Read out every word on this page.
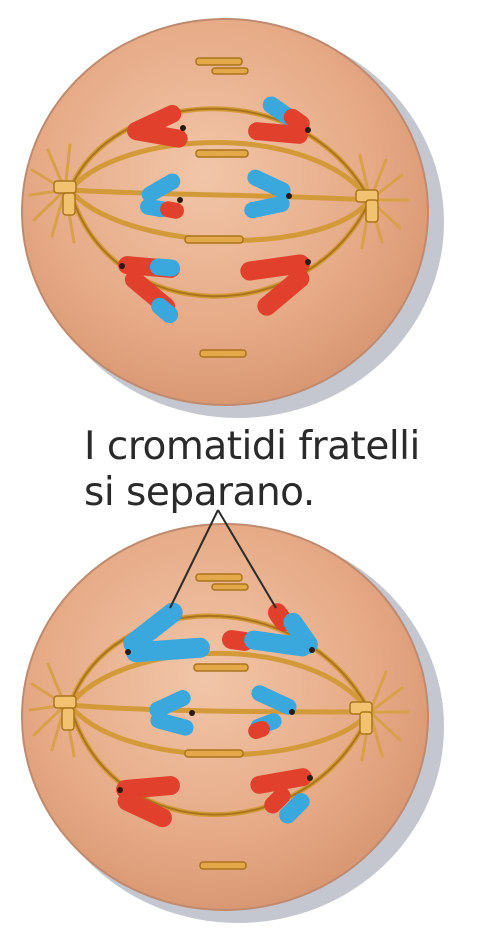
I cromatidi fratelli
si separano.
